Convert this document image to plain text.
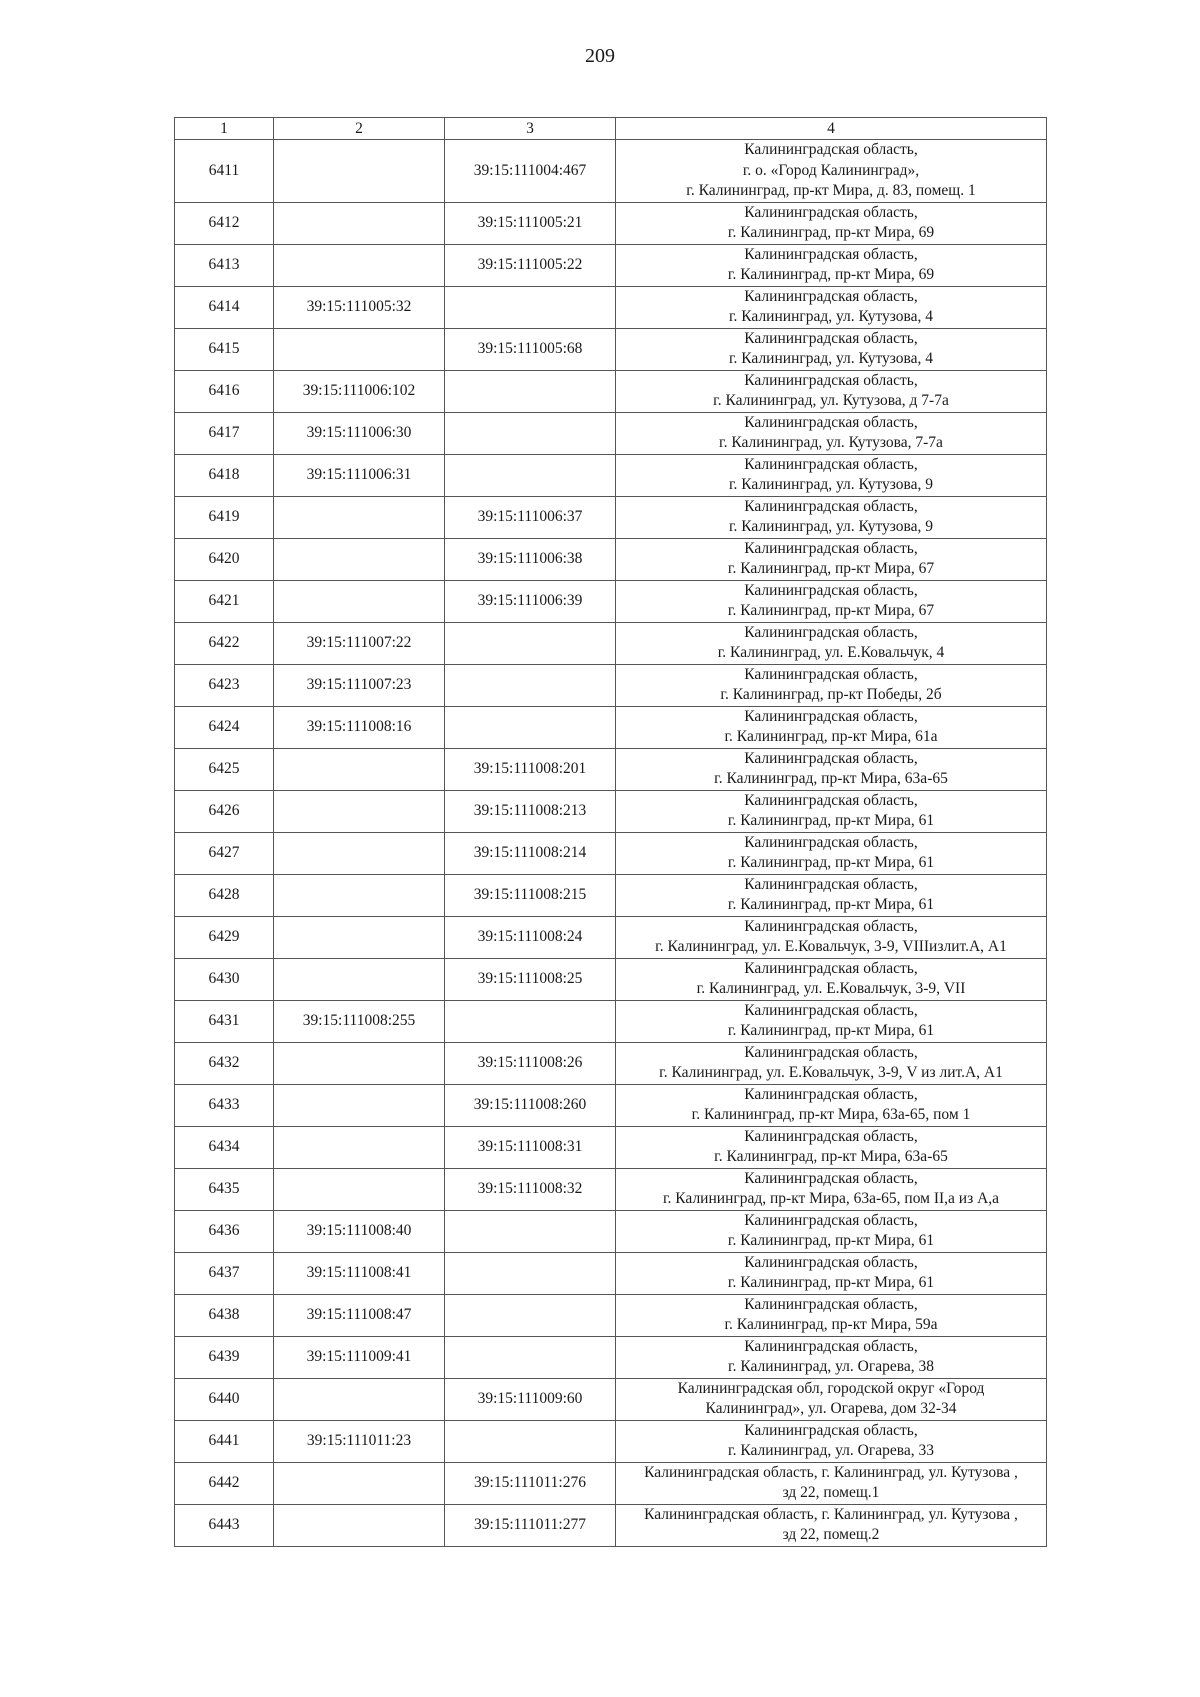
209
1	2	3	4
6411		39:15:111004:467	Калининградская область,
г. о. «Город Калининград»,
г. Калининград, пр-кт Мира, д. 83, помещ. 1

6412		39:15:111005:21	Калининградская область,
г. Калининград, пр-кт Мира, 69

6413		39:15:111005:22	Калининградская область,
г. Калининград, пр-кт Мира, 69

6414	39:15:111005:32		Калининградская область,
г. Калининград, ул. Кутузова, 4

6415		39:15:111005:68	Калининградская область,
г. Калининград, ул. Кутузова, 4

6416	39:15:111006:102		Калининградская область,
г. Калининград, ул. Кутузова, д 7-7а

6417	39:15:111006:30		Калининградская область,
г. Калининград, ул. Кутузова, 7-7а

6418	39:15:111006:31		Калининградская область,
г. Калининград, ул. Кутузова, 9

6419		39:15:111006:37	Калининградская область,
г. Калининград, ул. Кутузова, 9

6420		39:15:111006:38	Калининградская область,
г. Калининград, пр-кт Мира, 67

6421		39:15:111006:39	Калининградская область,
г. Калининград, пр-кт Мира, 67

6422	39:15:111007:22		Калининградская область,
г. Калининград, ул. Е.Ковальчук, 4

6423	39:15:111007:23		Калининградская область,
г. Калининград, пр-кт Победы, 2б

6424	39:15:111008:16		Калининградская область,
г. Калининград, пр-кт Мира, 61а

6425		39:15:111008:201	Калининградская область,
г. Калининград, пр-кт Мира, 63а-65

6426		39:15:111008:213	Калининградская область,
г. Калининград, пр-кт Мира, 61

6427		39:15:111008:214	Калининградская область,
г. Калининград, пр-кт Мира, 61

6428		39:15:111008:215	Калининградская область,
г. Калининград, пр-кт Мира, 61

6429		39:15:111008:24	Калининградская область,
г. Калининград, ул. Е.Ковальчук, 3-9, VIIIизлит.А, А1

6430		39:15:111008:25	Калининградская область,
г. Калининград, ул. Е.Ковальчук, 3-9, VII

6431	39:15:111008:255		Калининградская область,
г. Калининград, пр-кт Мира, 61

6432		39:15:111008:26	Калининградская область,
г. Калининград, ул. Е.Ковальчук, 3-9, V из лит.А, А1

6433		39:15:111008:260	Калининградская область,
г. Калининград, пр-кт Мира, 63а-65, пом 1

6434		39:15:111008:31	Калининградская область,
г. Калининград, пр-кт Мира, 63а-65

6435		39:15:111008:32	Калининградская область,
г. Калининград, пр-кт Мира, 63а-65, пом II,а из А,а

6436	39:15:111008:40		Калининградская область,
г. Калининград, пр-кт Мира, 61

6437	39:15:111008:41		Калининградская область,
г. Калининград, пр-кт Мира, 61

6438	39:15:111008:47		Калининградская область,
г. Калининград, пр-кт Мира, 59а

6439	39:15:111009:41		Калининградская область,
г. Калининград, ул. Огарева, 38

6440		39:15:111009:60	Калининградская обл, городской округ «Город
Калининград», ул. Огарева, дом 32-34

6441	39:15:111011:23		Калининградская область,
г. Калининград, ул. Огарева, 33

6442		39:15:111011:276	Калининградская область, г. Калининград, ул. Кутузова ,
зд 22, помещ.1

6443		39:15:111011:277	Калининградская область, г. Калининград, ул. Кутузова ,
зд 22, помещ.2
